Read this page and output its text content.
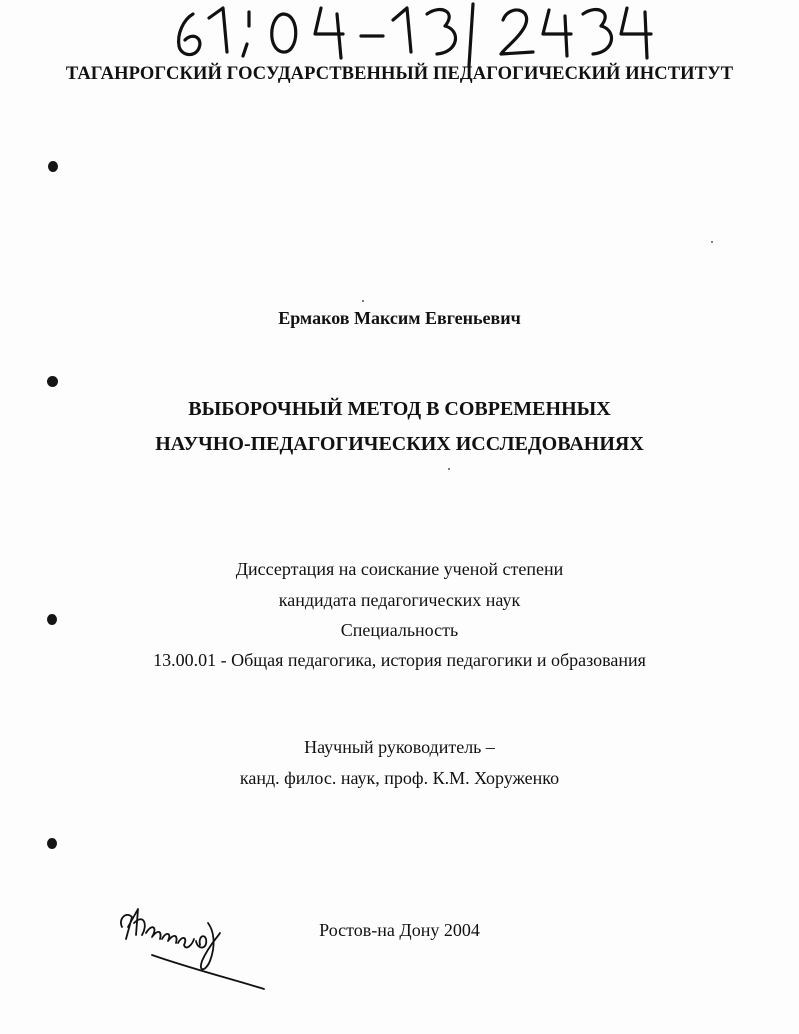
61:04-13/2434
ТАГАНРОГСКИЙ ГОСУДАРСТВЕННЫЙ ПЕДАГОГИЧЕСКИЙ ИНСТИТУТ
Ермаков Максим Евгеньевич
ВЫБОРОЧНЫЙ МЕТОД В СОВРЕМЕННЫХ
НАУЧНО-ПЕДАГОГИЧЕСКИХ ИССЛЕДОВАНИЯХ
Диссертация на соискание ученой степени
кандидата педагогических наук
Специальность
13.00.01 - Общая педагогика, история педагогики и образования
Научный руководитель –
канд. филос. наук, проф. К.М. Хоруженко
Ростов-на Дону 2004
